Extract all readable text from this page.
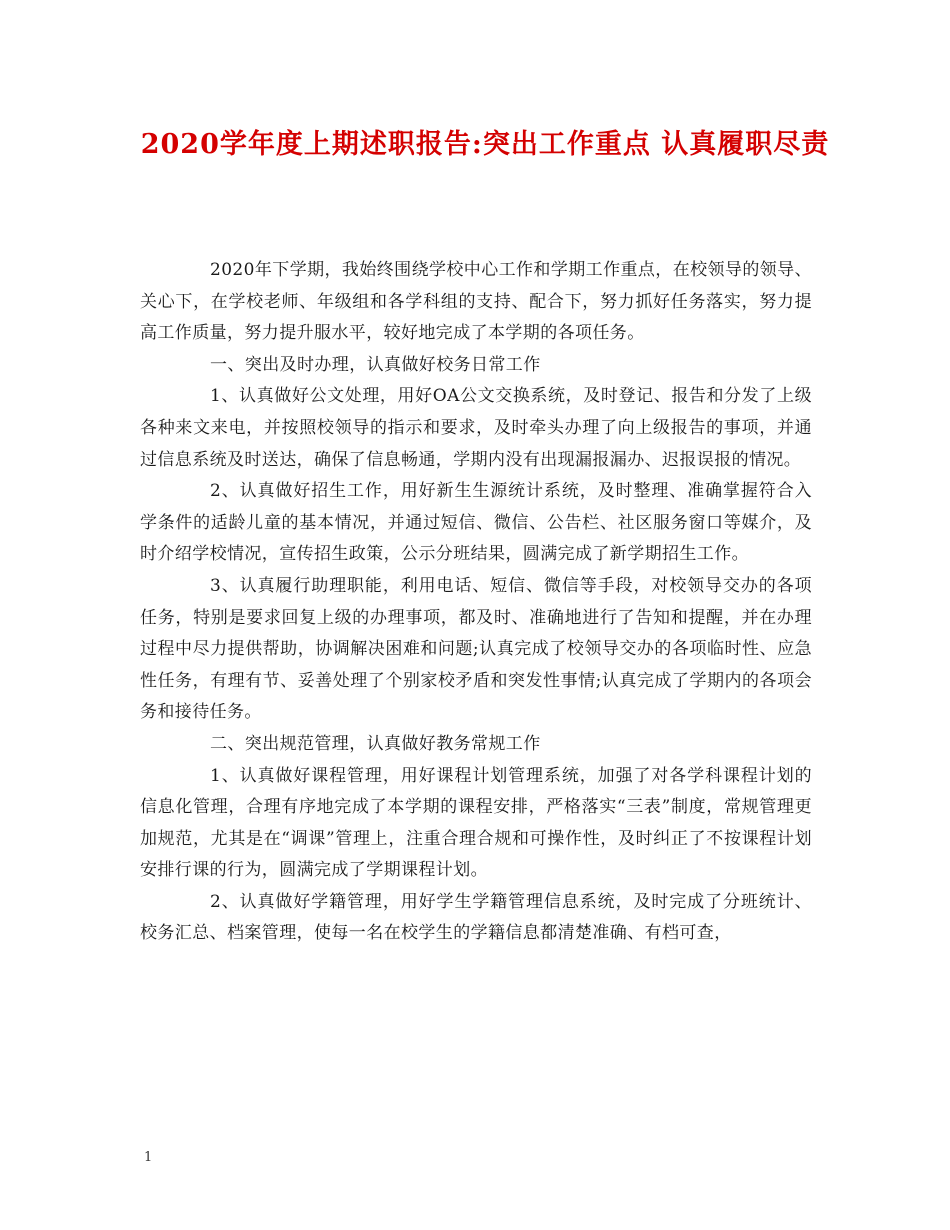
2020学年度上期述职报告:突出工作重点 认真履职尽责

2020年下学期，我始终围绕学校中心工作和学期工作重点，在校领导的领导、关心下，在学校老师、年级组和各学科组的支持、配合下，努力抓好任务落实，努力提高工作质量，努力提升服水平，较好地完成了本学期的各项任务。

一、突出及时办理，认真做好校务日常工作

1、认真做好公文处理，用好OA公文交换系统，及时登记、报告和分发了上级各种来文来电，并按照校领导的指示和要求，及时牵头办理了向上级报告的事项，并通过信息系统及时送达，确保了信息畅通，学期内没有出现漏报漏办、迟报误报的情况。

2、认真做好招生工作，用好新生生源统计系统，及时整理、准确掌握符合入学条件的适龄儿童的基本情况，并通过短信、微信、公告栏、社区服务窗口等媒介，及时介绍学校情况，宣传招生政策，公示分班结果，圆满完成了新学期招生工作。

3、认真履行助理职能，利用电话、短信、微信等手段，对校领导交办的各项任务，特别是要求回复上级的办理事项，都及时、准确地进行了告知和提醒，并在办理过程中尽力提供帮助，协调解决困难和问题;认真完成了校领导交办的各项临时性、应急性任务，有理有节、妥善处理了个别家校矛盾和突发性事情;认真完成了学期内的各项会务和接待任务。

二、突出规范管理，认真做好教务常规工作

1、认真做好课程管理，用好课程计划管理系统，加强了对各学科课程计划的信息化管理，合理有序地完成了本学期的课程安排，严格落实“三表”制度，常规管理更加规范，尤其是在“调课”管理上，注重合理合规和可操作性，及时纠正了不按课程计划安排行课的行为，圆满完成了学期课程计划。

2、认真做好学籍管理，用好学生学籍管理信息系统，及时完成了分班统计、校务汇总、档案管理，使每一名在校学生的学籍信息都清楚准确、有档可查，

1
